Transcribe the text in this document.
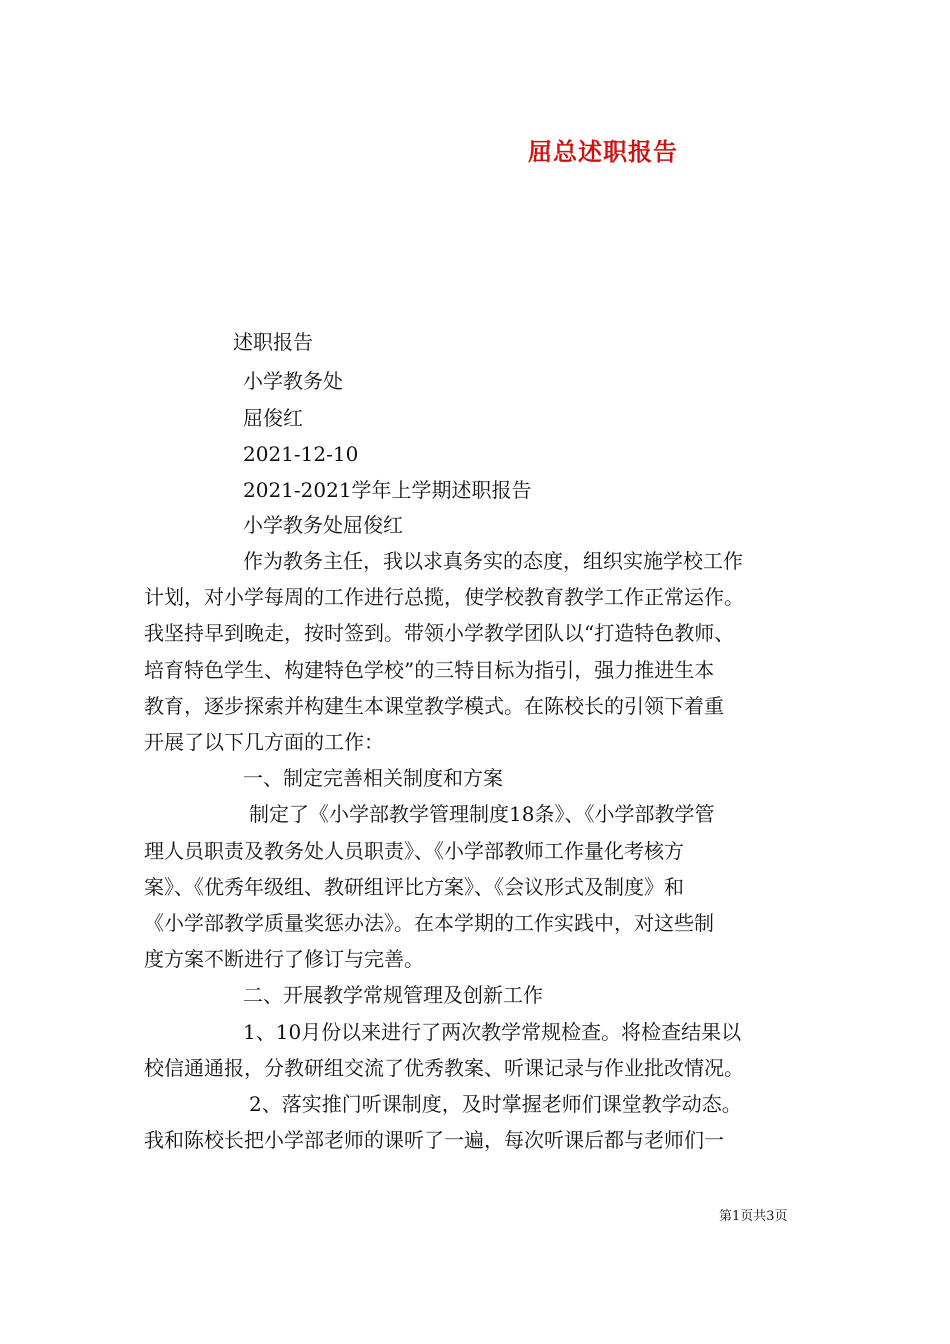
屈总述职报告
述职报告
小学教务处
屈俊红
2021-12-10
2021-2021学年上学期述职报告
小学教务处屈俊红
作为教务主任，我以求真务实的态度，组织实施学校工作
计划，对小学每周的工作进行总揽，使学校教育教学工作正常运作。
我坚持早到晚走，按时签到。带领小学教学团队以“打造特色教师、
培育特色学生、构建特色学校”的三特目标为指引，强力推进生本
教育，逐步探索并构建生本课堂教学模式。在陈校长的引领下着重
开展了以下几方面的工作：
一、制定完善相关制度和方案
制定了《小学部教学管理制度18条》、《小学部教学管
理人员职责及教务处人员职责》、《小学部教师工作量化考核方
案》、《优秀年级组、教研组评比方案》、《会议形式及制度》和
《小学部教学质量奖惩办法》。在本学期的工作实践中，对这些制
度方案不断进行了修订与完善。
二、开展教学常规管理及创新工作
1、10月份以来进行了两次教学常规检查。将检查结果以
校信通通报，分教研组交流了优秀教案、听课记录与作业批改情况。
2、落实推门听课制度，及时掌握老师们课堂教学动态。
我和陈校长把小学部老师的课听了一遍，每次听课后都与老师们一
第1页共3页
